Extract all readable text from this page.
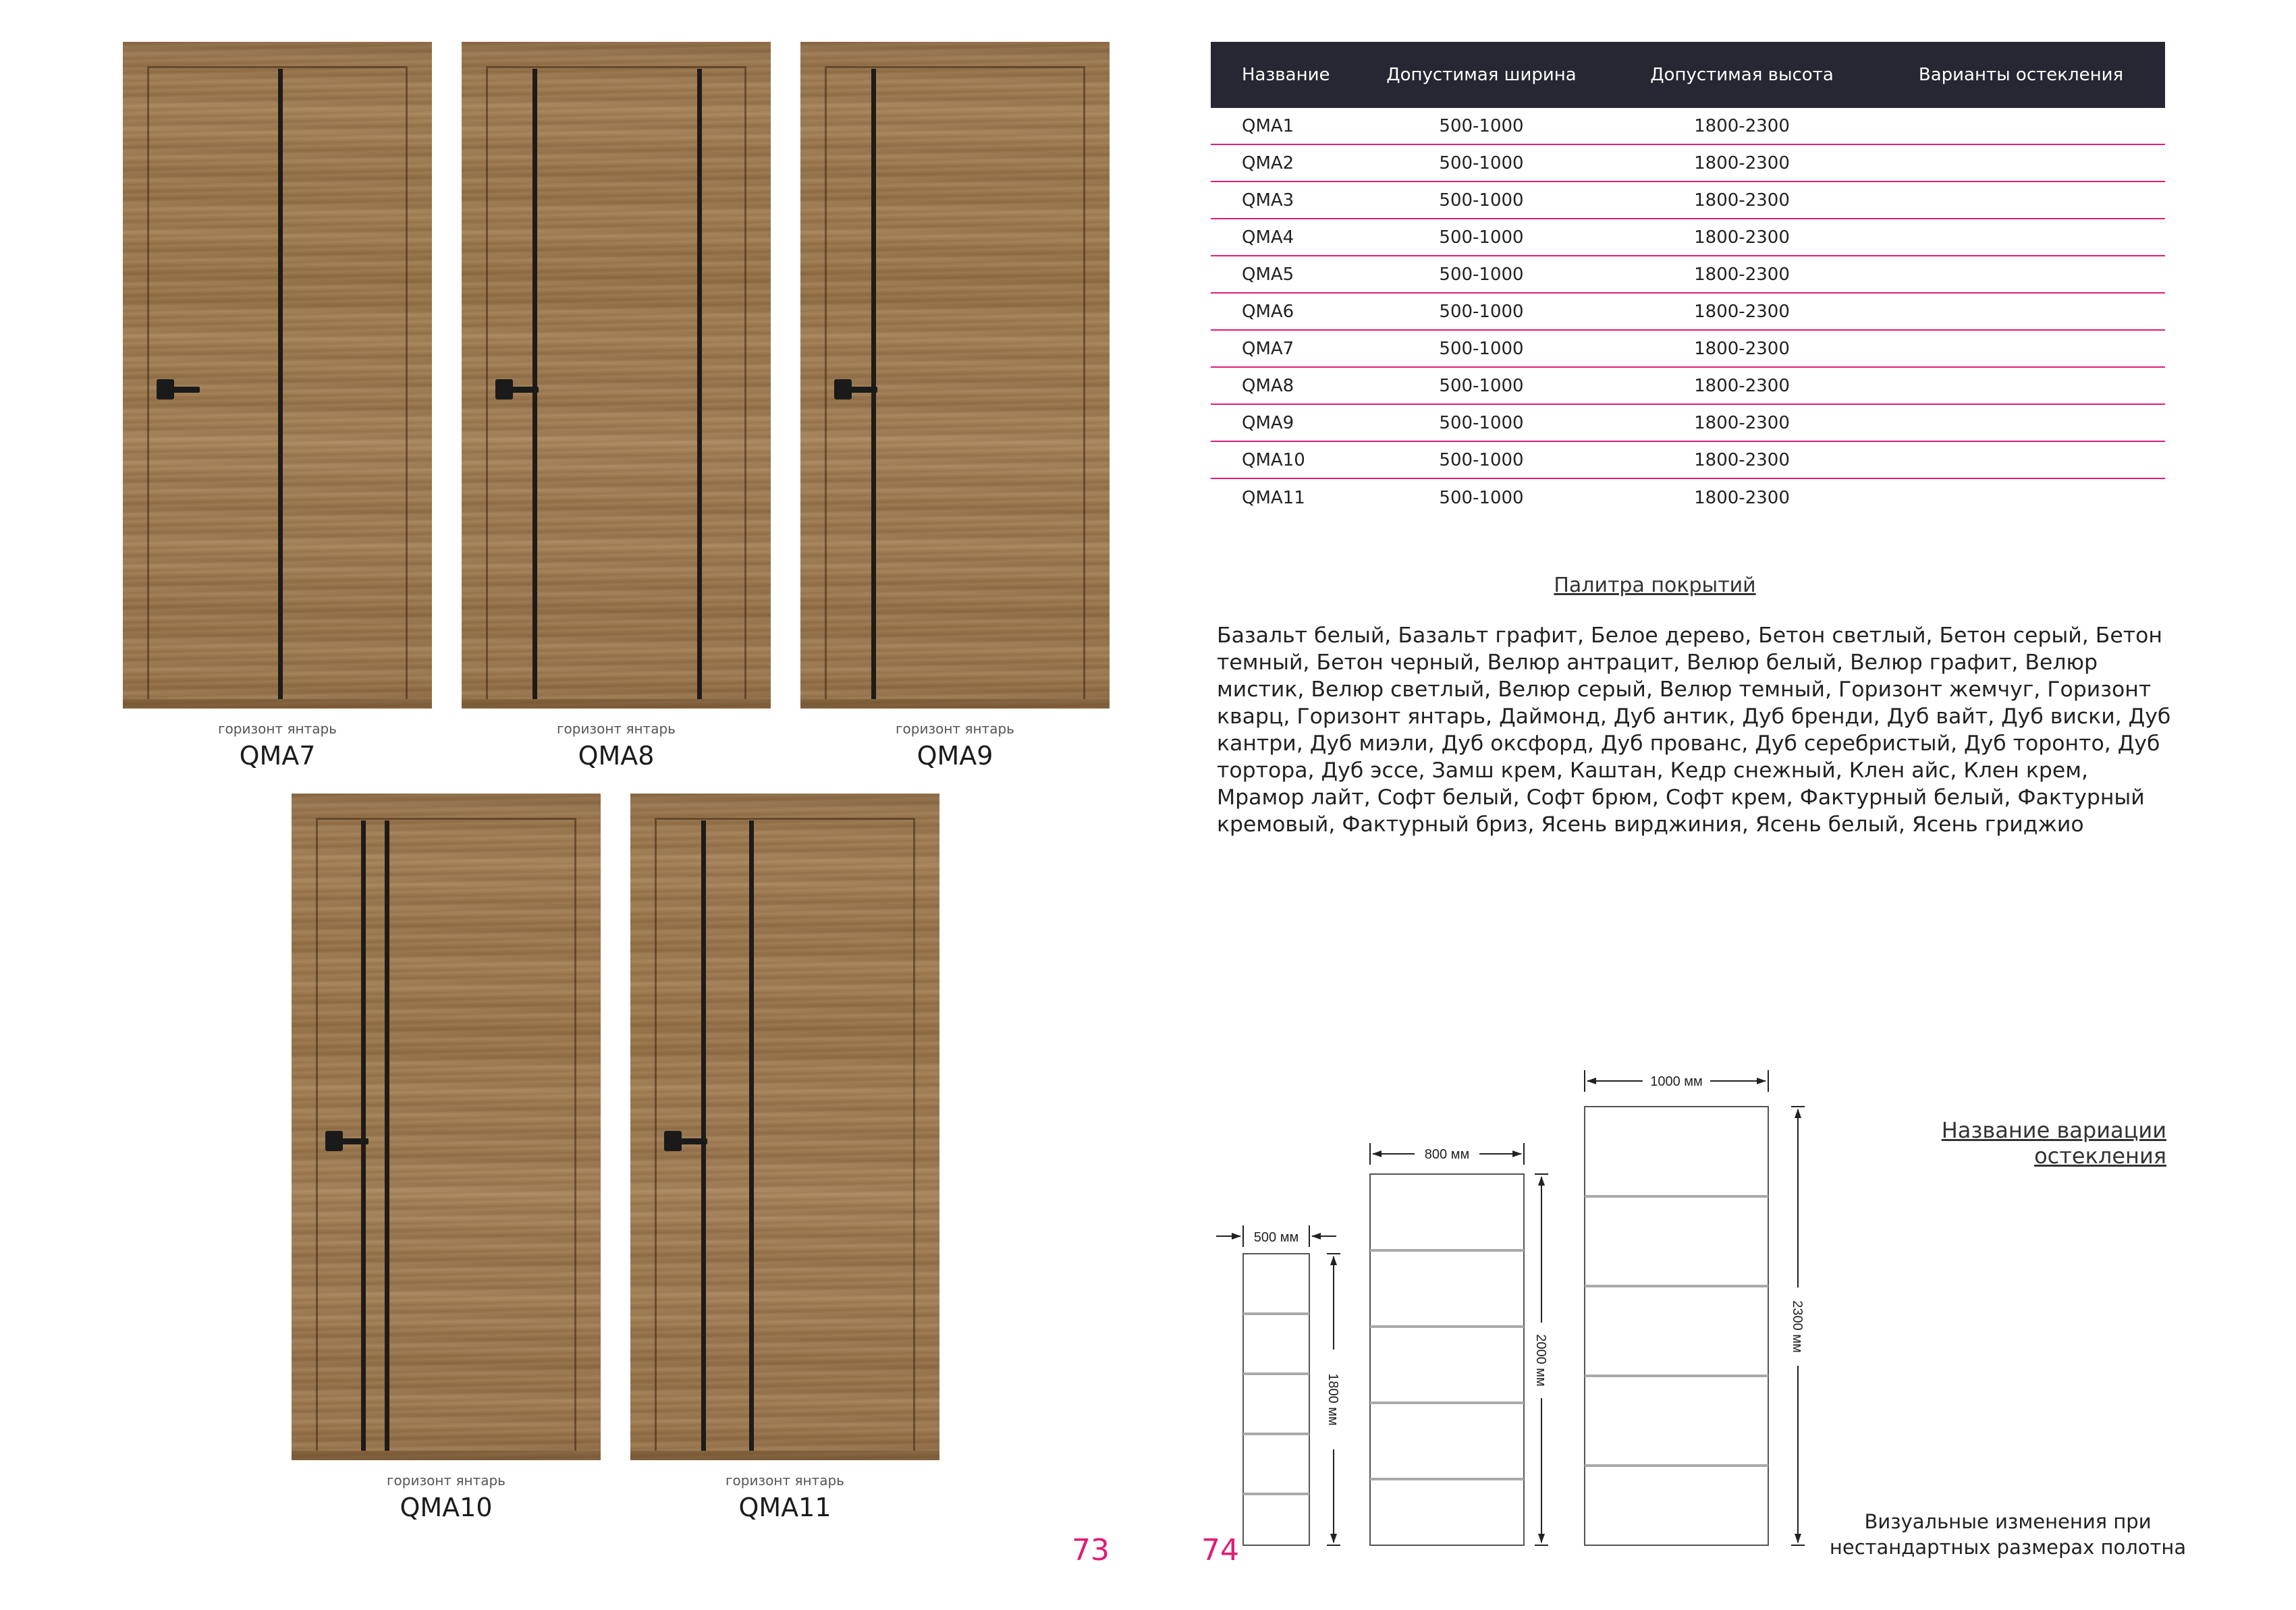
горизонт янтарь
QMA7
горизонт янтарь
QMA8
горизонт янтарь
QMA9
горизонт янтарь
QMA10
горизонт янтарь
QMA11
73
Название	Допустимая ширина	Допустимая высота	Варианты остекления
QMA1	500-1000	1800-2300
QMA2	500-1000	1800-2300
QMA3	500-1000	1800-2300
QMA4	500-1000	1800-2300
QMA5	500-1000	1800-2300
QMA6	500-1000	1800-2300
QMA7	500-1000	1800-2300
QMA8	500-1000	1800-2300
QMA9	500-1000	1800-2300
QMA10	500-1000	1800-2300
QMA11	500-1000	1800-2300
Палитра покрытий
Базальт белый, Базальт графит, Белое дерево, Бетон светлый, Бетон серый, Бетон темный, Бетон черный, Велюр антрацит, Велюр белый, Велюр графит, Велюр мистик, Велюр светлый, Велюр серый, Велюр темный, Горизонт жемчуг, Горизонт кварц, Горизонт янтарь, Даймонд, Дуб антик, Дуб бренди, Дуб вайт, Дуб виски, Дуб кантри, Дуб миэли, Дуб оксфорд, Дуб прованс, Дуб серебристый, Дуб торонто, Дуб тортора, Дуб эссе, Замш крем, Каштан, Кедр снежный, Клен айс, Клен крем, Мрамор лайт, Софт белый, Софт брюм, Софт крем, Фактурный белый, Фактурный кремовый, Фактурный бриз, Ясень вирджиния, Ясень белый, Ясень гриджио
500 мм
1800 мм
800 мм
2000 мм
1000 мм
2300 мм
Название вариации остекления
Визуальные изменения при
нестандартных размерах полотна
74
